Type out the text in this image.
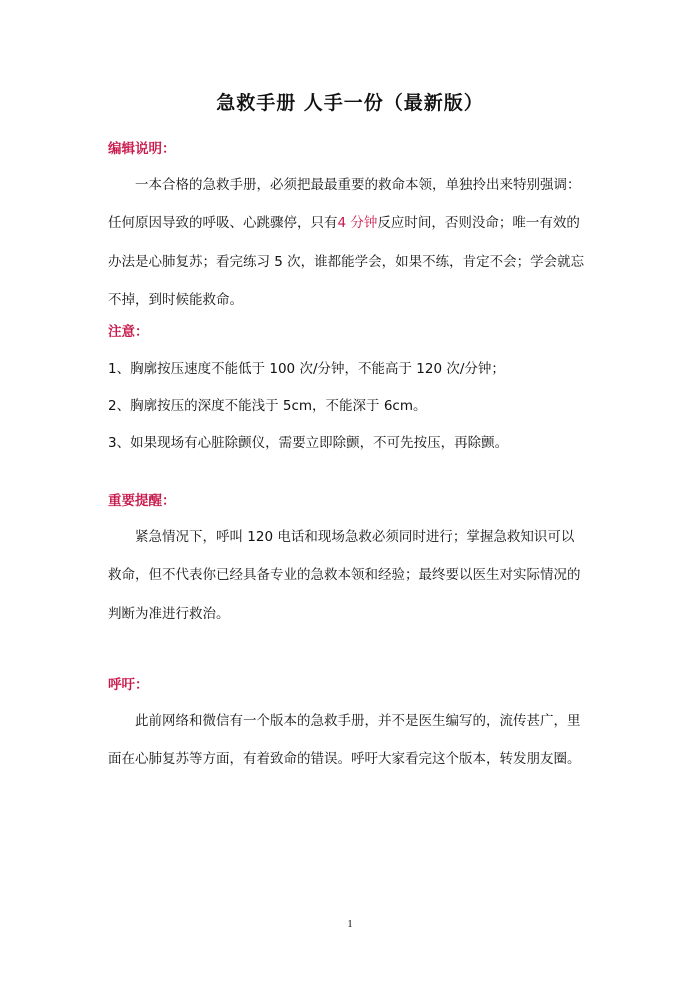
急救手册 人手一份（最新版）
编辑说明：
一本合格的急救手册，必须把最最重要的救命本领，单独拎出来特别强调：
任何原因导致的呼吸、心跳骤停，只有4 分钟反应时间，否则没命；唯一有效的
办法是心肺复苏；看完练习 5 次，谁都能学会，如果不练，肯定不会；学会就忘
不掉，到时候能救命。
注意：
1、胸廓按压速度不能低于 100 次/分钟，不能高于 120 次/分钟；
2、胸廓按压的深度不能浅于 5cm，不能深于 6cm。
3、如果现场有心脏除颤仪，需要立即除颤，不可先按压，再除颤。
重要提醒：
紧急情况下，呼叫 120 电话和现场急救必须同时进行；掌握急救知识可以
救命，但不代表你已经具备专业的急救本领和经验；最终要以医生对实际情况的
判断为准进行救治。
呼吁：
此前网络和微信有一个版本的急救手册，并不是医生编写的，流传甚广，里
面在心肺复苏等方面，有着致命的错误。呼吁大家看完这个版本，转发朋友圈。
1
